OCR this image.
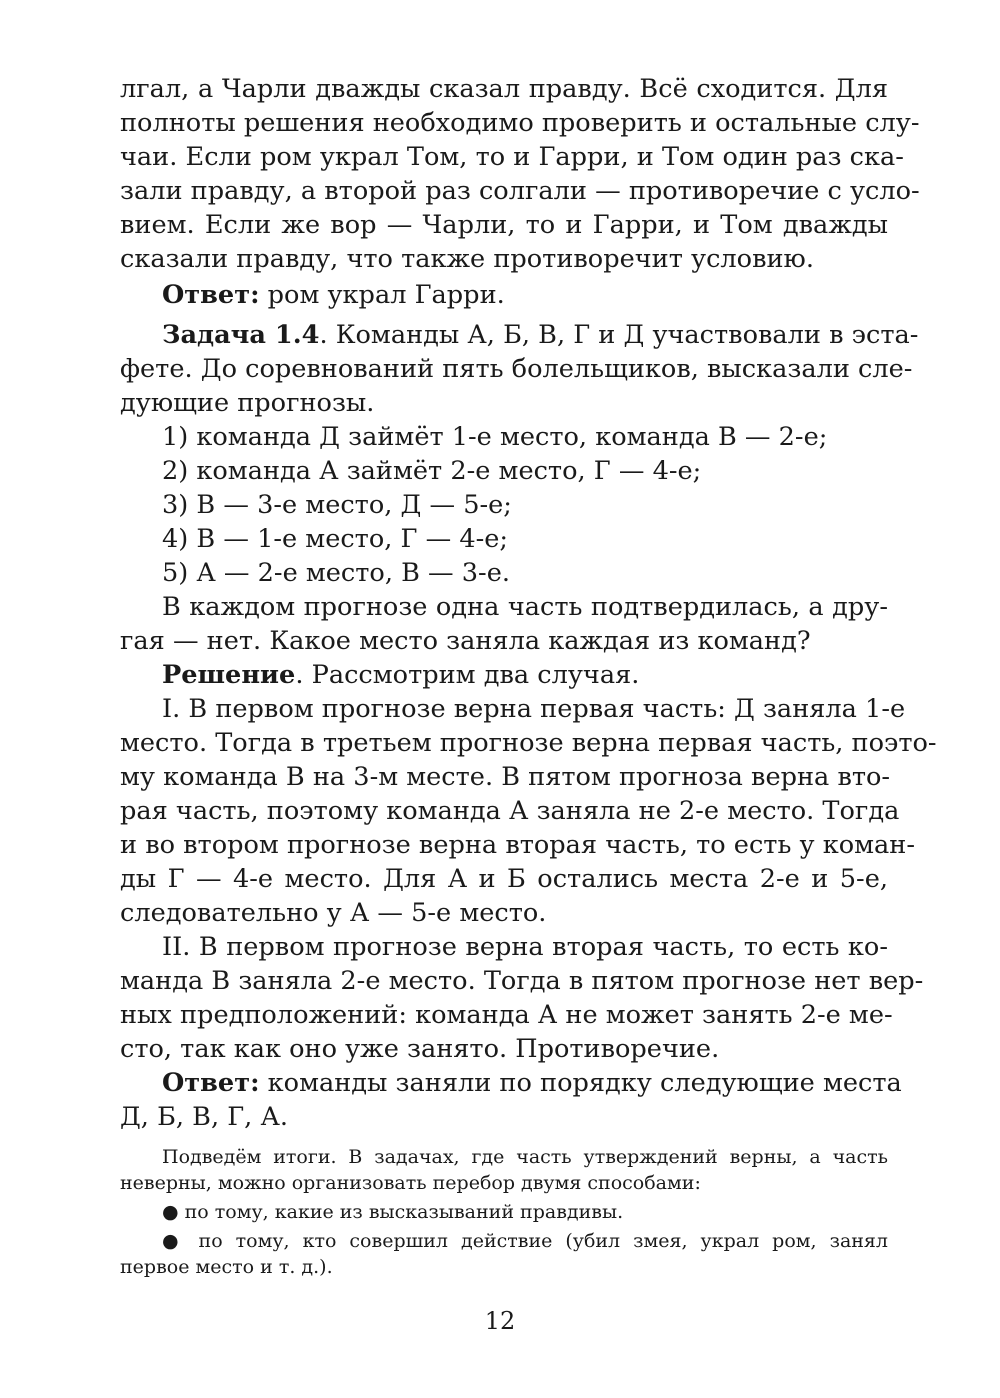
лгал, а Чарли дважды сказал правду. Всё сходится. Для
полноты решения необходимо проверить и остальные слу-
чаи. Если ром украл Том, то и Гарри, и Том один раз ска-
зали правду, а второй раз солгали — противоречие с усло-
вием. Если же вор — Чарли, то и Гарри, и Том дважды
сказали правду, что также противоречит условию.
Ответ: ром украл Гарри.
Задача 1.4. Команды А, Б, В, Г и Д участвовали в эста-
фете. До соревнований пять болельщиков, высказали сле-
дующие прогнозы.
1) команда Д займёт 1-е место, команда В — 2-е;
2) команда А займёт 2-е место, Г — 4-е;
3) В — 3-е место, Д — 5-е;
4) В — 1-е место, Г — 4-е;
5) А — 2-е место, В — 3-е.
В каждом прогнозе одна часть подтвердилась, а дру-
гая — нет. Какое место заняла каждая из команд?
Решение. Рассмотрим два случая.
I. В первом прогнозе верна первая часть: Д заняла 1-е
место. Тогда в третьем прогнозе верна первая часть, поэто-
му команда В на 3-м месте. В пятом прогноза верна вто-
рая часть, поэтому команда А заняла не 2-е место. Тогда
и во втором прогнозе верна вторая часть, то есть у коман-
ды Г — 4-е место. Для А и Б остались места 2-е и 5-е,
следовательно у А — 5-е место.
II. В первом прогнозе верна вторая часть, то есть ко-
манда В заняла 2-е место. Тогда в пятом прогнозе нет вер-
ных предположений: команда А не может занять 2-е ме-
сто, так как оно уже занято. Противоречие.
Ответ: команды заняли по порядку следующие места
Д, Б, В, Г, А.
Подведём итоги. В задачах, где часть утверждений верны, а часть
неверны, можно организовать перебор двумя способами:
● по тому, какие из высказываний правдивы.
● по тому, кто совершил действие (убил змея, украл ром, занял
первое место и т. д.).
12
